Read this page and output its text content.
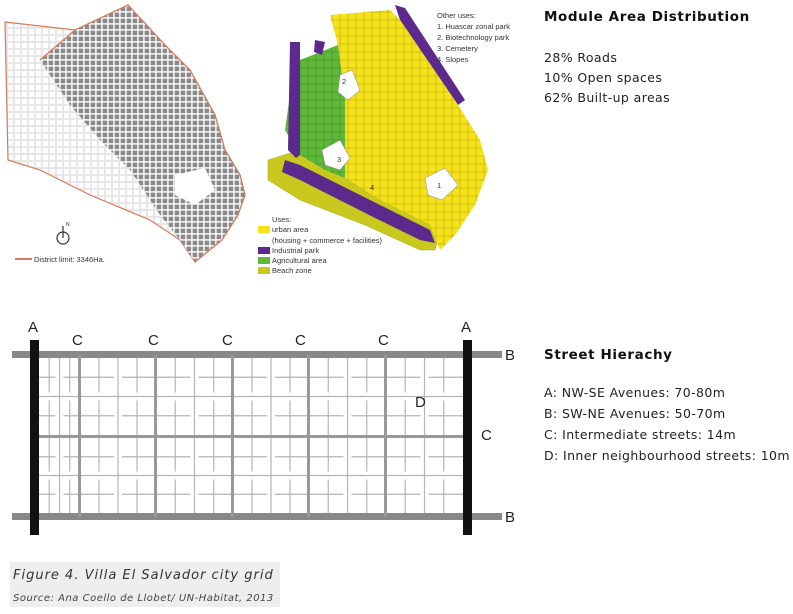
N
District limit: 3346Ha.
2
3
1
4
Other uses:
1. Huascar zonal park
2. Biotechnology park
3. Cemetery
4. Slopes
Uses:
urban area
(housing + commerce + facilities)
Industrial park
Agricultural area
Beach zone
Module Area Distribution
28% Roads
10% Open spaces
62% Built-up areas
Street Hierachy
A: NW-SE Avenues: 70-80m
B: SW-NE Avenues: 50-70m
C: Intermediate streets: 14m
D: Inner neighbourhood streets: 10m
A	A
C	C	C	C	C
B
B
C
D
Figure 4. Villa El Salvador city grid
Source: Ana Coello de Llobet/ UN-Habitat, 2013
